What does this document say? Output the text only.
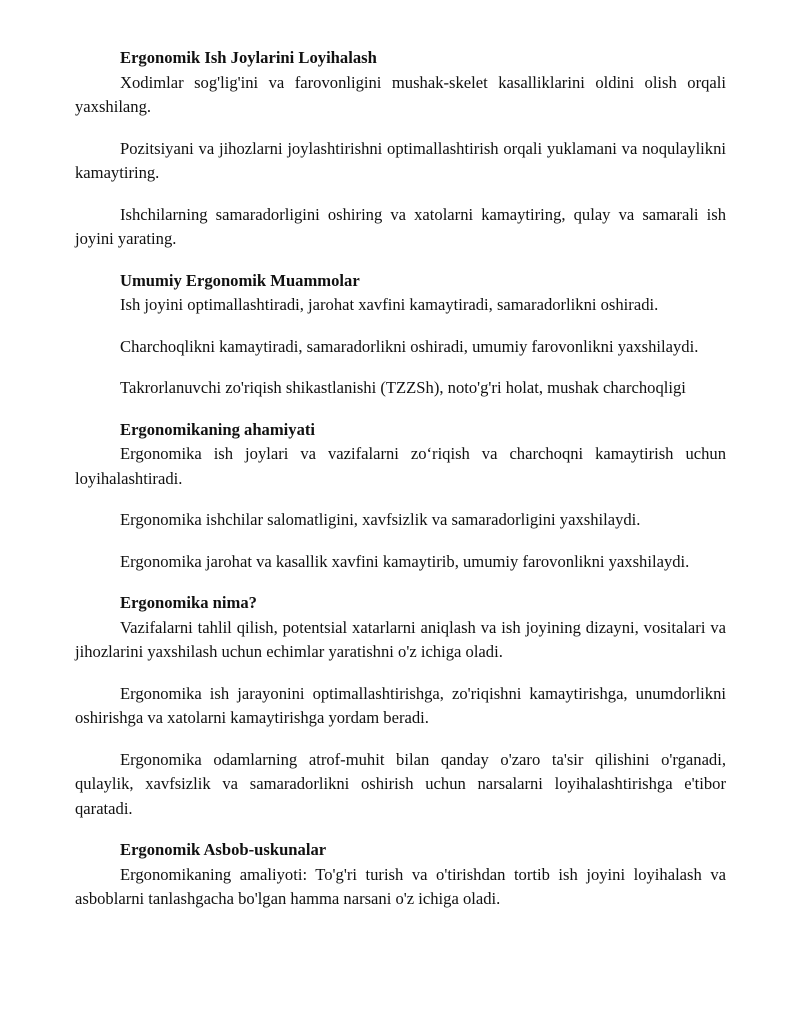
Ergonomik Ish Joylarini Loyihalash

Xodimlar sog'lig'ini va farovonligini mushak-skelet kasalliklarini oldini olish orqali yaxshilang.

Pozitsiyani va jihozlarni joylashtirishni optimallashtirish orqali yuklamani va noqulaylikni kamaytiring.

Ishchilarning samaradorligini oshiring va xatolarni kamaytiring, qulay va samarali ish joyini yarating.

Umumiy Ergonomik Muammolar

Ish joyini optimallashtiradi, jarohat xavfini kamaytiradi, samaradorlikni oshiradi.

Charchoqlikni kamaytiradi, samaradorlikni oshiradi, umumiy farovonlikni yaxshilaydi.

Takrorlanuvchi zo'riqish shikastlanishi (TZZSh), noto'g'ri holat, mushak charchoqligi

Ergonomikaning ahamiyati

Ergonomika ish joylari va vazifalarni zo‘riqish va charchoqni kamaytirish uchun loyihalashtiradi.

Ergonomika ishchilar salomatligini, xavfsizlik va samaradorligini yaxshilaydi.

Ergonomika jarohat va kasallik xavfini kamaytirib, umumiy farovonlikni yaxshilaydi.

Ergonomika nima?

Vazifalarni tahlil qilish, potentsial xatarlarni aniqlash va ish joyining dizayni, vositalari va jihozlarini yaxshilash uchun echimlar yaratishni o'z ichiga oladi.

Ergonomika ish jarayonini optimallashtirishga, zo'riqishni kamaytirishga, unumdorlikni oshirishga va xatolarni kamaytirishga yordam beradi.

Ergonomika odamlarning atrof-muhit bilan qanday o'zaro ta'sir qilishini o'rganadi, qulaylik, xavfsizlik va samaradorlikni oshirish uchun narsalarni loyihalashtirishga e'tibor qaratadi.

Ergonomik Asbob-uskunalar

Ergonomikaning amaliyoti: To'g'ri turish va o'tirishdan tortib ish joyini loyihalash va asboblarni tanlashgacha bo'lgan hamma narsani o'z ichiga oladi.
